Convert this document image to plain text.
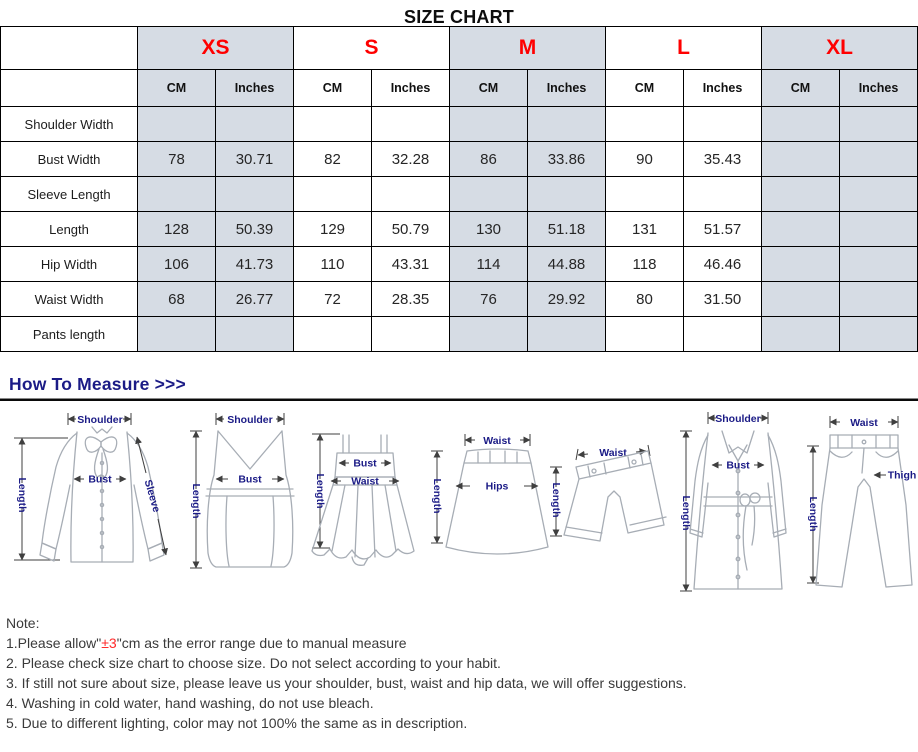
SIZE CHART
	XS		S		M		L		XL	
	CM	Inches	CM	Inches	CM	Inches	CM	Inches	CM	Inches
Shoulder Width										
Bust Width	78	30.71	82	32.28	86	33.86	90	35.43		
Sleeve Length										
Length	128	50.39	129	50.79	130	51.18	131	51.57		
Hip Width	106	41.73	110	43.31	114	44.88	118	46.46		
Waist Width	68	26.77	72	28.35	76	29.92	80	31.50		
Pants length										
How To Measure >>>
Shoulder
Length	Bust	Sleeve
Shoulder
Length
Bust	Length
Bust
Waist
Waist
Length	Hips
Waist
Length
Shoulder
Length
Bust
Waist
Length
Thigh
Note:
1.Please allow"±3"cm as the error range due to manual measure
2. Please check size chart to choose size. Do not select according to your habit.
3. If still not sure about size, please leave us your shoulder, bust, waist and hip data, we will offer suggestions.
4. Washing in cold water, hand washing, do not use bleach.
5. Due to different lighting, color may not 100% the same as in description.
